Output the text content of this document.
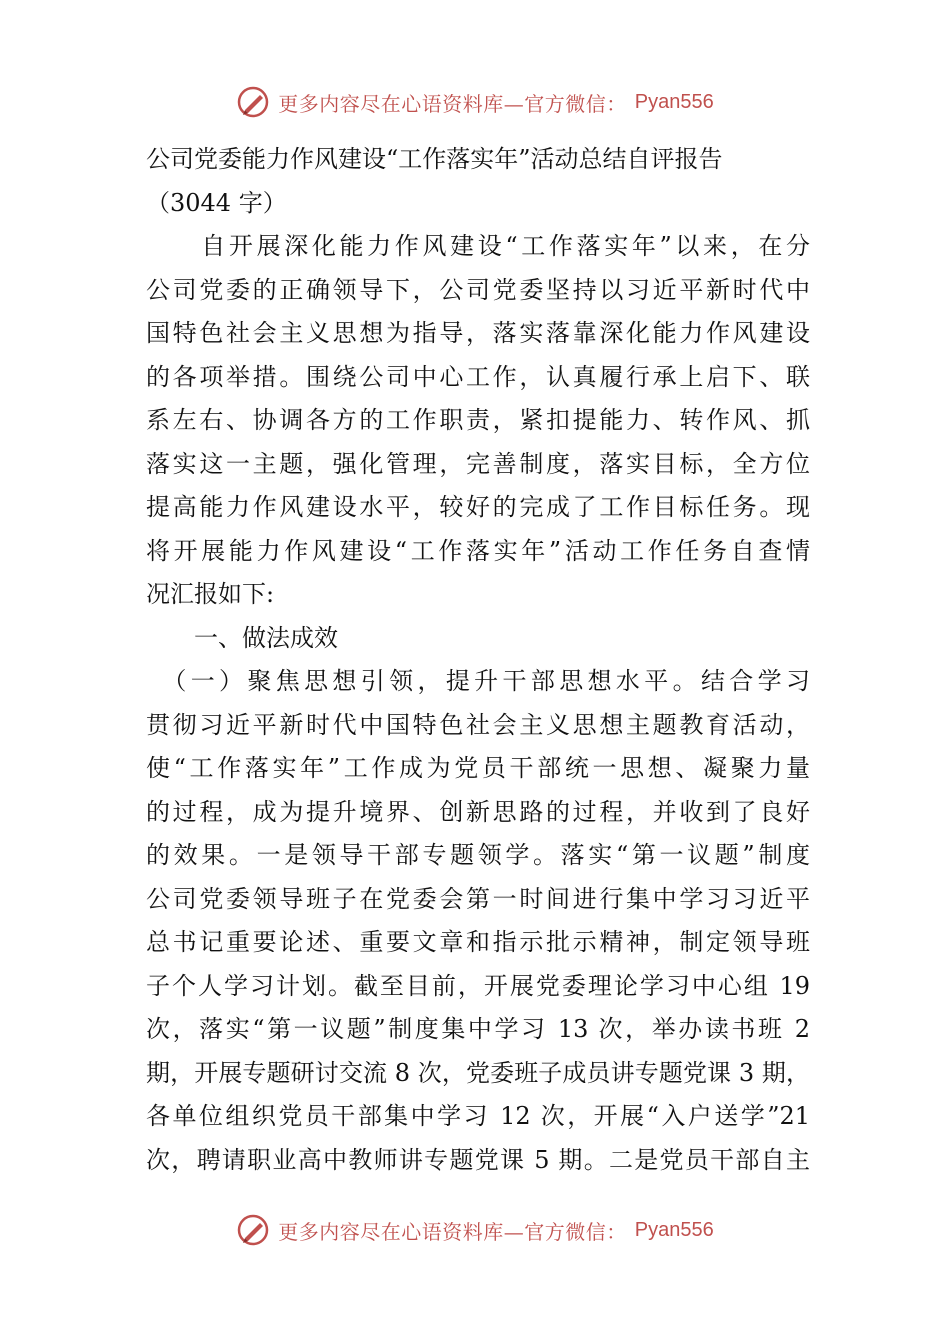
更多内容尽在心语资料库—官方微信： Pyan556
公司党委能力作风建设“工作落实年”活动总结自评报告
（3044 字）
　　自开展深化能力作风建设“工作落实年”以来，在分
公司党委的正确领导下，公司党委坚持以习近平新时代中
国特色社会主义思想为指导，落实落靠深化能力作风建设
的各项举措。围绕公司中心工作，认真履行承上启下、联
系左右、协调各方的工作职责，紧扣提能力、转作风、抓
落实这一主题，强化管理，完善制度，落实目标，全方位
提高能力作风建设水平，较好的完成了工作目标任务。现
将开展能力作风建设“工作落实年”活动工作任务自查情
况汇报如下:
　　一、做法成效
　（一）聚焦思想引领，提升干部思想水平。结合学习
贯彻习近平新时代中国特色社会主义思想主题教育活动，
使“工作落实年”工作成为党员干部统一思想、凝聚力量
的过程，成为提升境界、创新思路的过程，并收到了良好
的效果。一是领导干部专题领学。落实“第一议题”制度
公司党委领导班子在党委会第一时间进行集中学习习近平
总书记重要论述、重要文章和指示批示精神，制定领导班
子个人学习计划。截至目前，开展党委理论学习中心组 19
次，落实“第一议题”制度集中学习 13 次，举办读书班 2
期，开展专题研讨交流 8 次，党委班子成员讲专题党课 3 期，
各单位组织党员干部集中学习 12 次，开展“入户送学”21
次，聘请职业高中教师讲专题党课 5 期。二是党员干部自主
更多内容尽在心语资料库—官方微信： Pyan556
